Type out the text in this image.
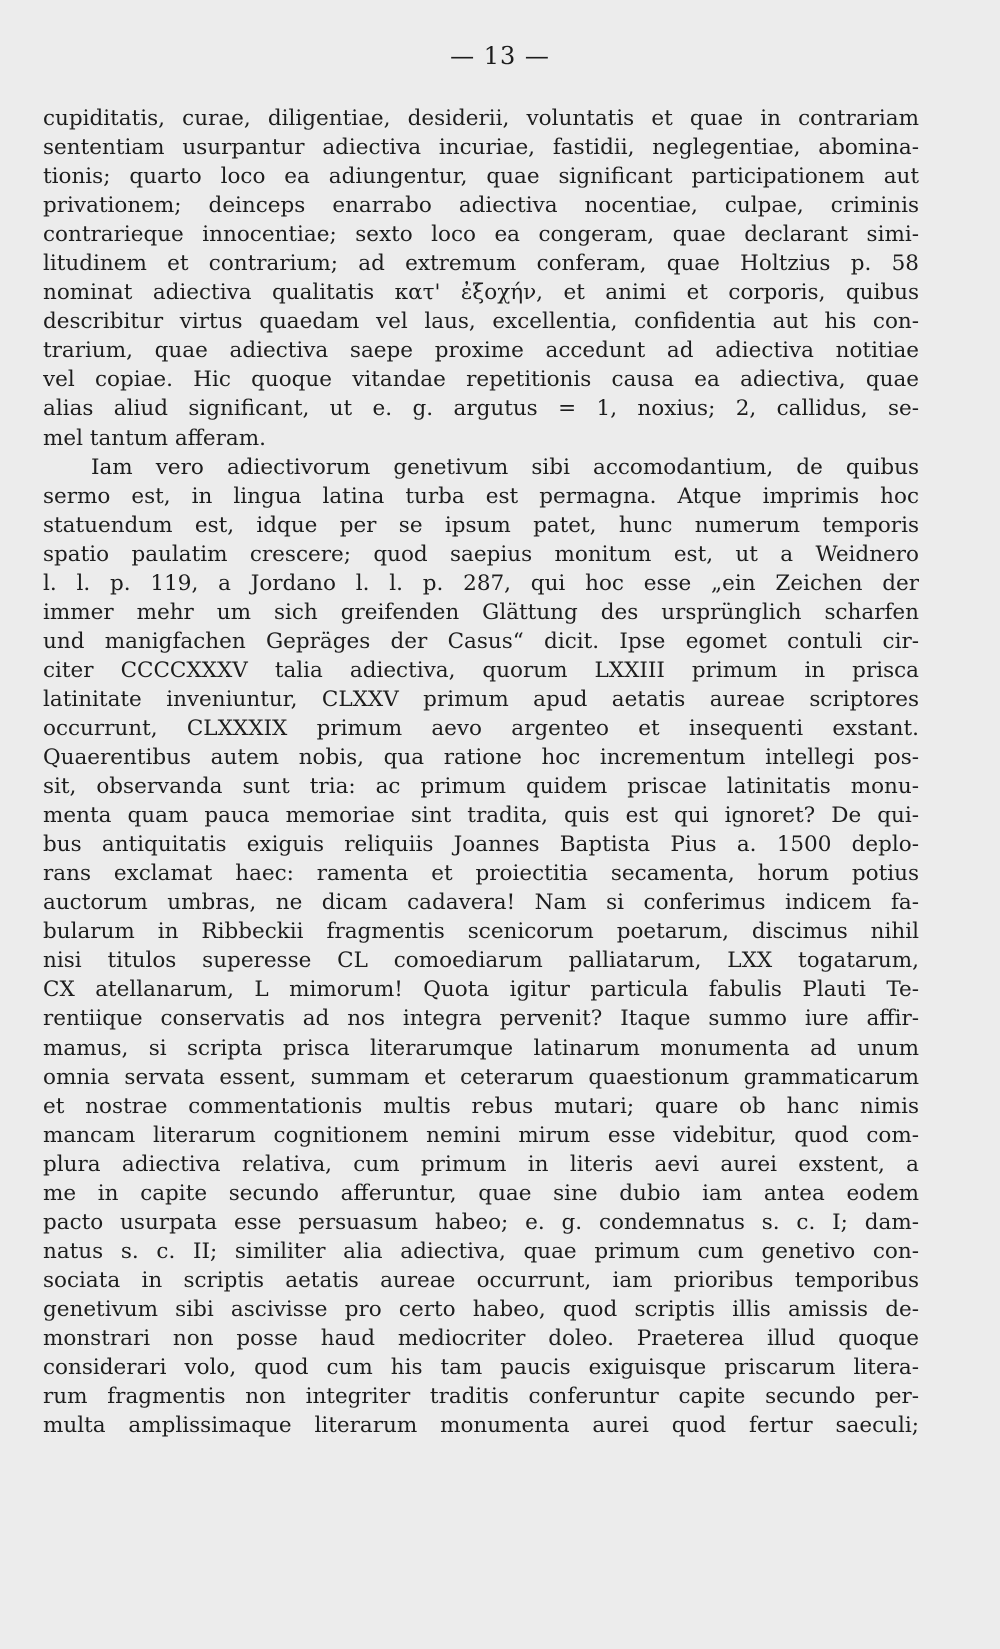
— 13 —
cupiditatis, curae, diligentiae, desiderii, voluntatis et quae in contrariam
sententiam usurpantur adiectiva incuriae, fastidii, neglegentiae, abomina-
tionis; quarto loco ea adiungentur, quae significant participationem aut
privationem; deinceps enarrabo adiectiva nocentiae, culpae, criminis
contrarieque innocentiae; sexto loco ea congeram, quae declarant simi-
litudinem et contrarium; ad extremum conferam, quae Holtzius p. 58
nominat adiectiva qualitatis κατ' ἐξοχήν, et animi et corporis, quibus
describitur virtus quaedam vel laus, excellentia, confidentia aut his con-
trarium, quae adiectiva saepe proxime accedunt ad adiectiva notitiae
vel copiae. Hic quoque vitandae repetitionis causa ea adiectiva, quae
alias aliud significant, ut e. g. argutus = 1, noxius; 2, callidus, se-
mel tantum afferam.
Iam vero adiectivorum genetivum sibi accomodantium, de quibus
sermo est, in lingua latina turba est permagna. Atque imprimis hoc
statuendum est, idque per se ipsum patet, hunc numerum temporis
spatio paulatim crescere; quod saepius monitum est, ut a Weidnero
l. l. p. 119, a Jordano l. l. p. 287, qui hoc esse „ein Zeichen der
immer mehr um sich greifenden Glättung des ursprünglich scharfen
und manigfachen Gepräges der Casus“ dicit. Ipse egomet contuli cir-
citer CCCCXXXV talia adiectiva, quorum LXXIII primum in prisca
latinitate inveniuntur, CLXXV primum apud aetatis aureae scriptores
occurrunt, CLXXXIX primum aevo argenteo et insequenti exstant.
Quaerentibus autem nobis, qua ratione hoc incrementum intellegi pos-
sit, observanda sunt tria: ac primum quidem priscae latinitatis monu-
menta quam pauca memoriae sint tradita, quis est qui ignoret? De qui-
bus antiquitatis exiguis reliquiis Joannes Baptista Pius a. 1500 deplo-
rans exclamat haec: ramenta et proiectitia secamenta, horum potius
auctorum umbras, ne dicam cadavera! Nam si conferimus indicem fa-
bularum in Ribbeckii fragmentis scenicorum poetarum, discimus nihil
nisi titulos superesse CL comoediarum palliatarum, LXX togatarum,
CX atellanarum, L mimorum! Quota igitur particula fabulis Plauti Te-
rentiique conservatis ad nos integra pervenit? Itaque summo iure affir-
mamus, si scripta prisca literarumque latinarum monumenta ad unum
omnia servata essent, summam et ceterarum quaestionum grammaticarum
et nostrae commentationis multis rebus mutari; quare ob hanc nimis
mancam literarum cognitionem nemini mirum esse videbitur, quod com-
plura adiectiva relativa, cum primum in literis aevi aurei exstent, a
me in capite secundo afferuntur, quae sine dubio iam antea eodem
pacto usurpata esse persuasum habeo; e. g. condemnatus s. c. I; dam-
natus s. c. II; similiter alia adiectiva, quae primum cum genetivo con-
sociata in scriptis aetatis aureae occurrunt, iam prioribus temporibus
genetivum sibi ascivisse pro certo habeo, quod scriptis illis amissis de-
monstrari non posse haud mediocriter doleo. Praeterea illud quoque
considerari volo, quod cum his tam paucis exiguisque priscarum litera-
rum fragmentis non integriter traditis conferuntur capite secundo per-
multa amplissimaque literarum monumenta aurei quod fertur saeculi;
